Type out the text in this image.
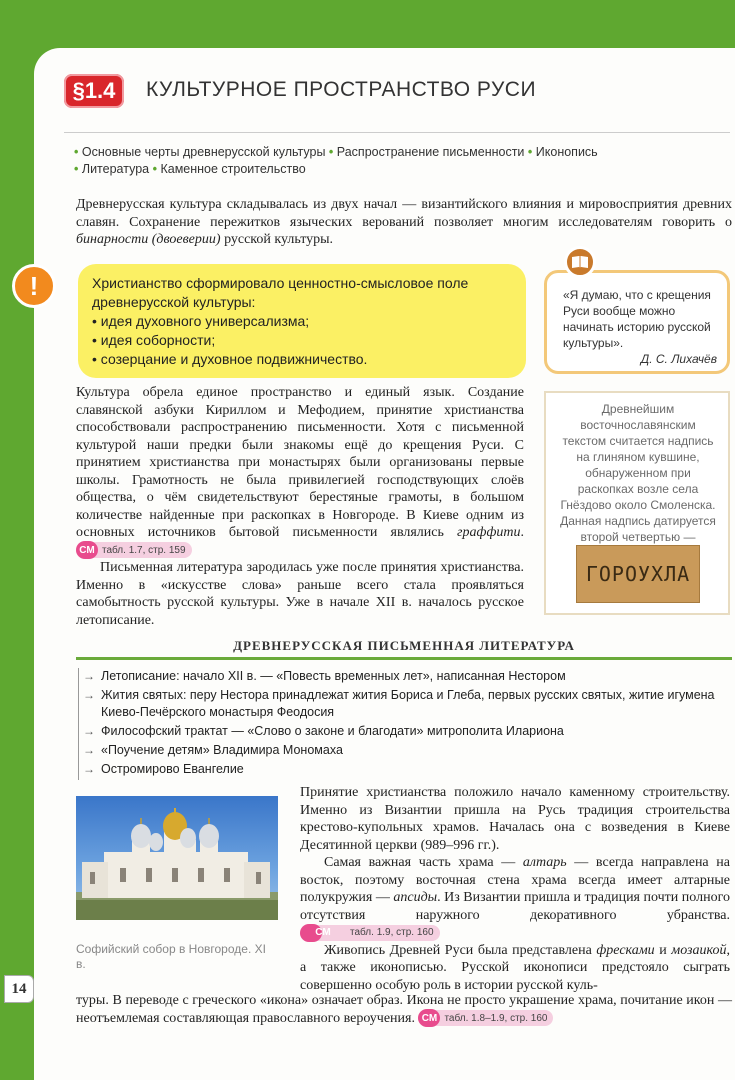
§1.4	КУЛЬТУРНОЕ ПРОСТРАНСТВО РУСИ
• Основные черты древнерусской культуры • Распространение письменности • Иконопись
• Литература • Каменное строительство

Древнерусская культура складывалась из двух начал — византийского влияния и мировосприятия древних славян. Сохранение пережитков языческих верований позволяет многим исследователям говорить о бинарности (двоеверии) русской культуры.

!	Христианство сформировало ценностно-смысловое поле древнерусской культуры:
• идея духовного универсализма;
• идея соборности;
• созерцание и духовное подвижничество.
«Я думаю, что с крещения Руси вообще можно начинать историю русской культуры».
Д. С. Лихачёв

Культура обрела единое пространство и единый язык. Создание славянской азбуки Кириллом и Мефодием, принятие христианства способствовали распространению письменности. Хотя с письменной культурой наши предки были знакомы ещё до крещения Руси. С принятием христианства при монастырях были организованы первые школы. Грамотность не была привилегией господствующих слоёв общества, о чём свидетельствуют берестяные грамоты, в большом количестве найденные при раскопках в Новгороде. В Киеве одним из основных источников бытовой письменности являлись граффити.
СМ табл. 1.7, стр. 159

Письменная литература зародилась уже после принятия христианства. Именно в «искусстве слова» раньше всего стала проявляться самобытность русской культуры. Уже в начале XII в. началось русское летописание.

Древнейшим восточнославянским текстом считается надпись на глиняном кувшине, обнаруженном при раскопках возле села Гнёздово около Смоленска. Данная надпись датируется второй четвертью —
ГОРОУХЛА
ДРЕВНЕРУССКАЯ ПИСЬМЕННАЯ ЛИТЕРАТУРА
→ Летописание: начало XII в. — «Повесть временных лет», написанная Нестором
→ Жития святых: перу Нестора принадлежат жития Бориса и Глеба, первых русских святых, житие игумена Киево-Печёрского монастыря Феодосия
→ Философский трактат — «Слово о законе и благодати» митрополита Илариона
→ «Поучение детям» Владимира Мономаха
→ Остромирово Евангелие
Софийский собор в Новгороде. XI в.

Принятие христианства положило начало каменному строительству. Именно из Византии пришла на Русь традиция строительства крестово-купольных храмов. Началась она с возведения в Киеве Десятинной церкви (989–996 гг.).

Самая важная часть храма — алтарь — всегда направлена на восток, поэтому восточная стена храма всегда имеет алтарные полукружия — апсиды. Из Византии пришла и традиция почти полного отсутствия наружного декоративного убранства.
СМ	табл. 1.9, стр. 160

Живопись Древней Руси была представлена фресками и мозаикой, а также иконописью. Русской иконописи предстояло сыграть совершенно особую роль в истории русской куль-

туры. В переводе с греческого «икона» означает образ. Икона не просто украшение храма, почитание икон — неотъемлемая составляющая православного вероучения. СМ табл. 1.8–1.9, стр. 160

14
